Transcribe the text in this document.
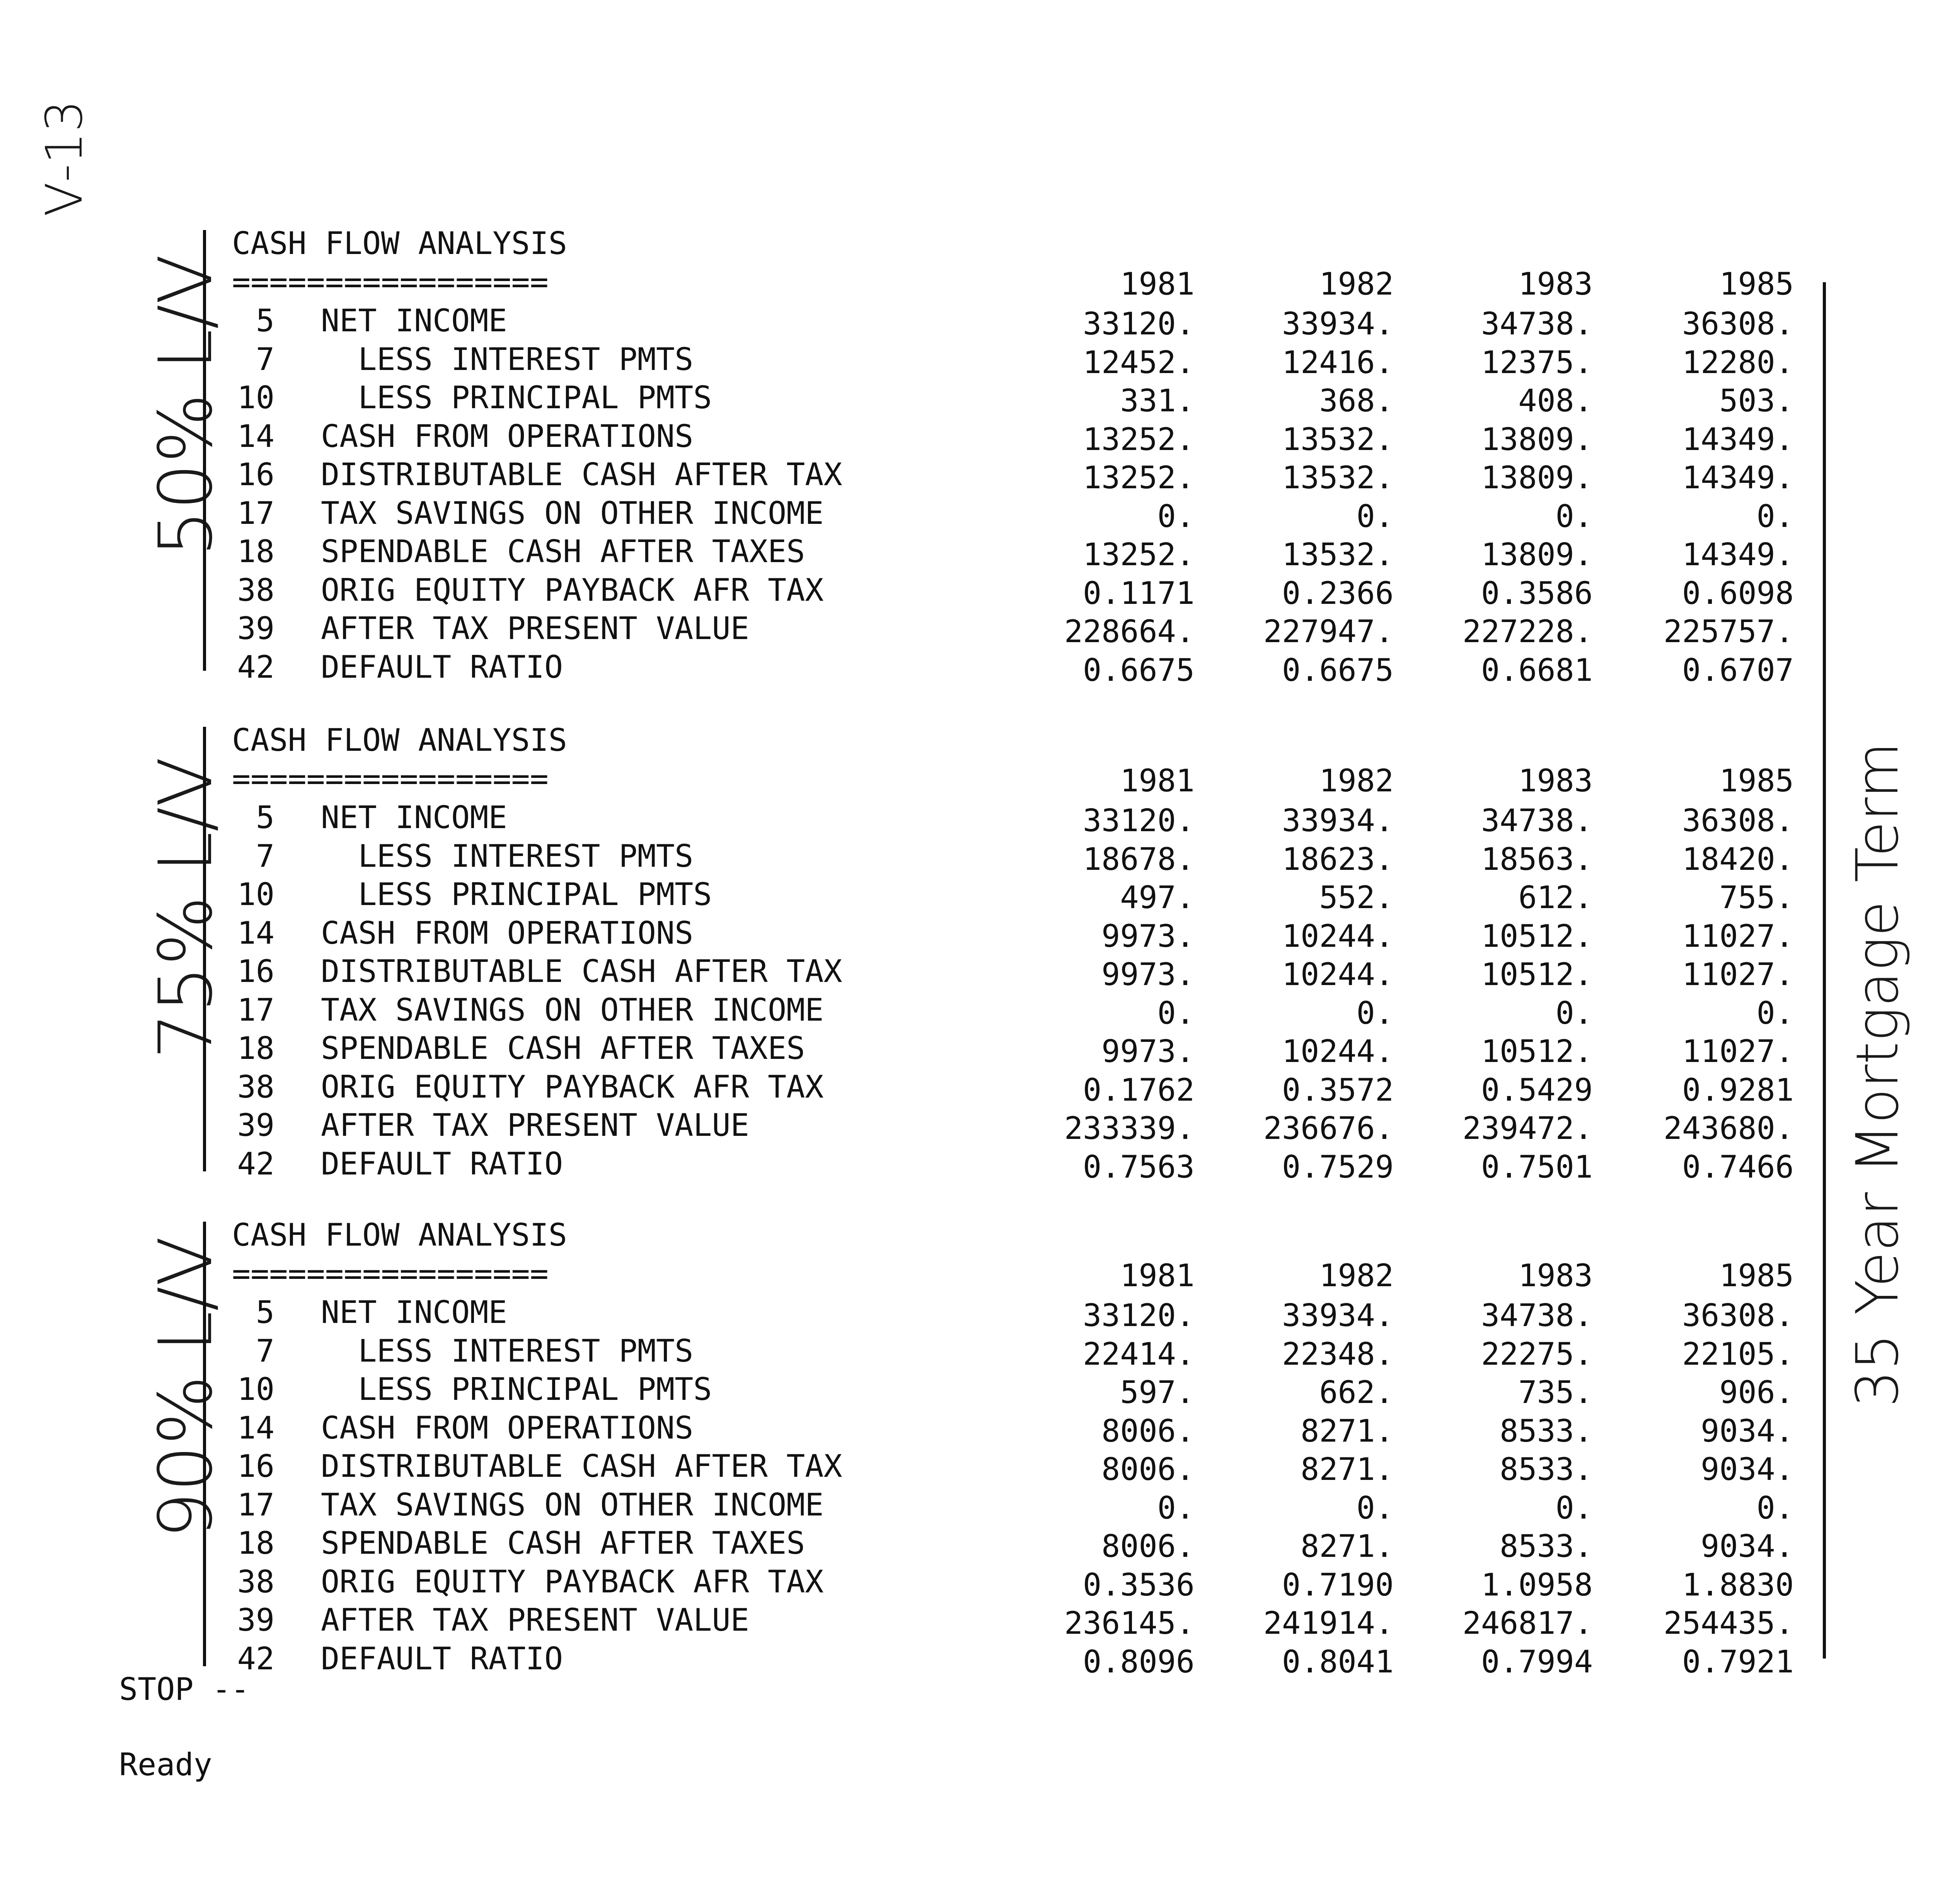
Ⅴ-13
50% L/V
75% L/V
90% L/V	35 Year Mortgage Term
CASH FLOW ANALYSIS
=================	1981	1982	1983	1985
5 NET INCOME	33120.	33934.	34738.	36308.
7 LESS INTEREST PMTS	12452.	12416.	12375.	12280.
10 LESS PRINCIPAL PMTS	331.	368.	408.	503.
14 CASH FROM OPERATIONS	13252.	13532.	13809.	14349.
16 DISTRIBUTABLE CASH AFTER TAX	13252.	13532.	13809.	14349.
17 TAX SAVINGS ON OTHER INCOME	0.	0.	0.	0.
18 SPENDABLE CASH AFTER TAXES	13252.	13532.	13809.	14349.
38 ORIG EQUITY PAYBACK AFR TAX	0.1171	0.2366	0.3586	0.6098
39 AFTER TAX PRESENT VALUE	228664.	227947.	227228.	225757.
42 DEFAULT RATIO	0.6675	0.6675	0.6681	0.6707
CASH FLOW ANALYSIS
=================	1981	1982	1983	1985
5 NET INCOME	33120.	33934.	34738.	36308.
7 LESS INTEREST PMTS	18678.	18623.	18563.	18420.
10 LESS PRINCIPAL PMTS	497.	552.	612.	755.
14 CASH FROM OPERATIONS	9973.	10244.	10512.	11027.
16 DISTRIBUTABLE CASH AFTER TAX	9973.	10244.	10512.	11027.
17 TAX SAVINGS ON OTHER INCOME	0.	0.	0.	0.
18 SPENDABLE CASH AFTER TAXES	9973.	10244.	10512.	11027.
38 ORIG EQUITY PAYBACK AFR TAX	0.1762	0.3572	0.5429	0.9281
39 AFTER TAX PRESENT VALUE	233339.	236676.	239472.	243680.
42 DEFAULT RATIO	0.7563	0.7529	0.7501	0.7466
CASH FLOW ANALYSIS
=================	1981	1982	1983	1985
5 NET INCOME	33120.	33934.	34738.	36308.
7 LESS INTEREST PMTS	22414.	22348.	22275.	22105.
10 LESS PRINCIPAL PMTS	597.	662.	735.	906.
14 CASH FROM OPERATIONS	8006.	8271.	8533.	9034.
16 DISTRIBUTABLE CASH AFTER TAX	8006.	8271.	8533.	9034.
17 TAX SAVINGS ON OTHER INCOME	0.	0.	0.	0.
18 SPENDABLE CASH AFTER TAXES	8006.	8271.	8533.	9034.
38 ORIG EQUITY PAYBACK AFR TAX	0.3536	0.7190	1.0958	1.8830
39 AFTER TAX PRESENT VALUE	236145.	241914.	246817.	254435.
42 DEFAULT RATIO	0.8096	0.8041	0.7994	0.7921
STOP --
Ready
